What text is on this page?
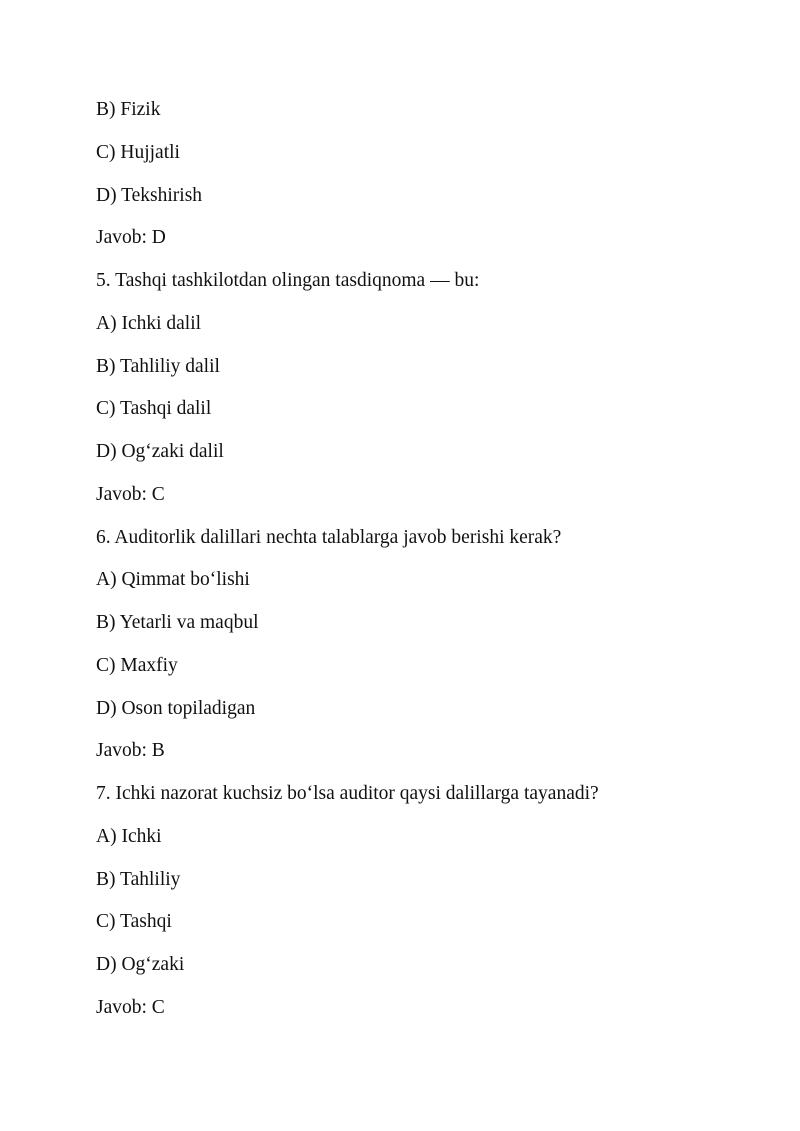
B) Fizik
C) Hujjatli
D) Tekshirish
Javob: D
5. Tashqi tashkilotdan olingan tasdiqnoma — bu:
A) Ichki dalil
B) Tahliliy dalil
C) Tashqi dalil
D) Og‘zaki dalil
Javob: C
6. Auditorlik dalillari nechta talablarga javob berishi kerak?
A) Qimmat bo‘lishi
B) Yetarli va maqbul
C) Maxfiy
D) Oson topiladigan
Javob: B
7. Ichki nazorat kuchsiz bo‘lsa auditor qaysi dalillarga tayanadi?
A) Ichki
B) Tahliliy
C) Tashqi
D) Og‘zaki
Javob: C
